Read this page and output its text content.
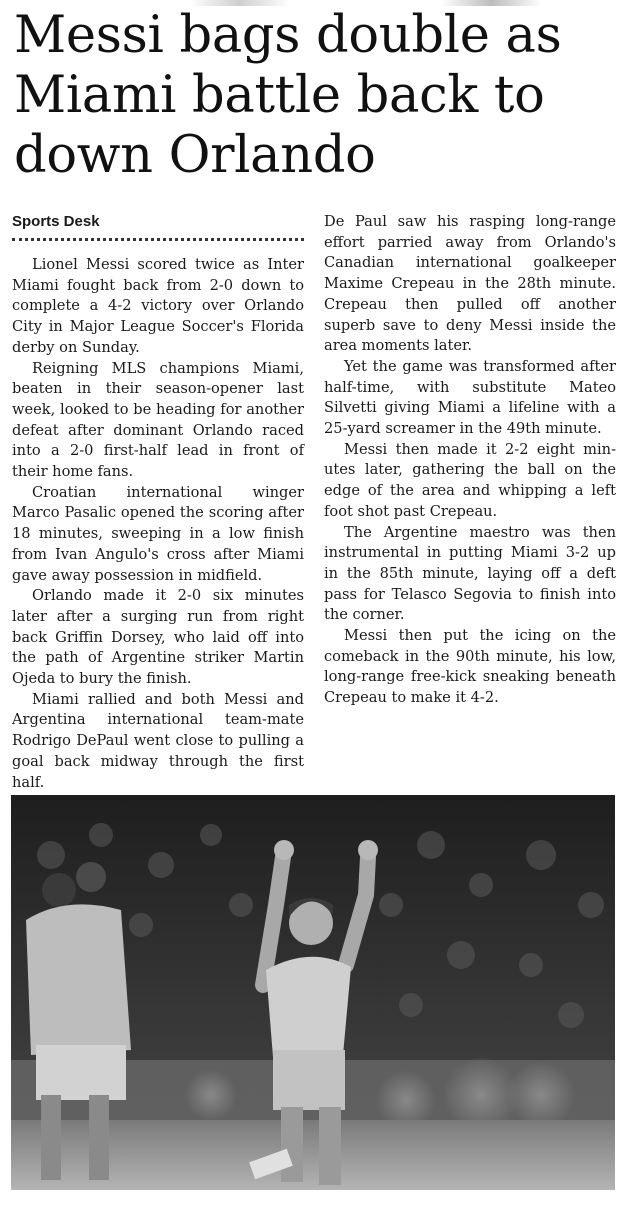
Messi bags double as Miami battle back to down Orlando
Sports Desk

Lionel Messi scored twice as Inter Miami fought back from 2-0 down to complete a 4-2 victory over Orlando City in Major League Soccer's Florida derby on Sunday.

Reigning MLS champions Miami, beaten in their season-opener last week, looked to be heading for another defeat after dominant Orlando raced into a 2-0 first-half lead in front of their home fans.

Croatian international winger Marco Pasalic opened the scoring after 18 minutes, sweeping in a low finish from Ivan Angulo's cross after Miami gave away possession in midfield.

Orlando made it 2-0 six minutes later after a surging run from right back Griffin Dorsey, who laid off into the path of Argentine striker Martin Ojeda to bury the finish.

Miami rallied and both Messi and Argentina international team-mate Rodrigo DePaul went close to pulling a goal back midway through the first half.

De Paul saw his rasping long-range effort parried away from Orlando's Canadian international goalkeeper Maxime Crepeau in the 28th minute. Crepeau then pulled off another superb save to deny Messi inside the area moments later.

Yet the game was transformed after half-time, with substitute Mateo Silvetti giving Miami a lifeline with a 25-yard screamer in the 49th minute.

Messi then made it 2-2 eight minutes later, gathering the ball on the edge of the area and whipping a left foot shot past Crepeau.

The Argentine maestro was then instrumental in putting Miami 3-2 up in the 85th minute, laying off a deft pass for Telasco Segovia to finish into the corner.

Messi then put the icing on the comeback in the 90th minute, his low, long-range free-kick sneaking beneath Crepeau to make it 4-2.
